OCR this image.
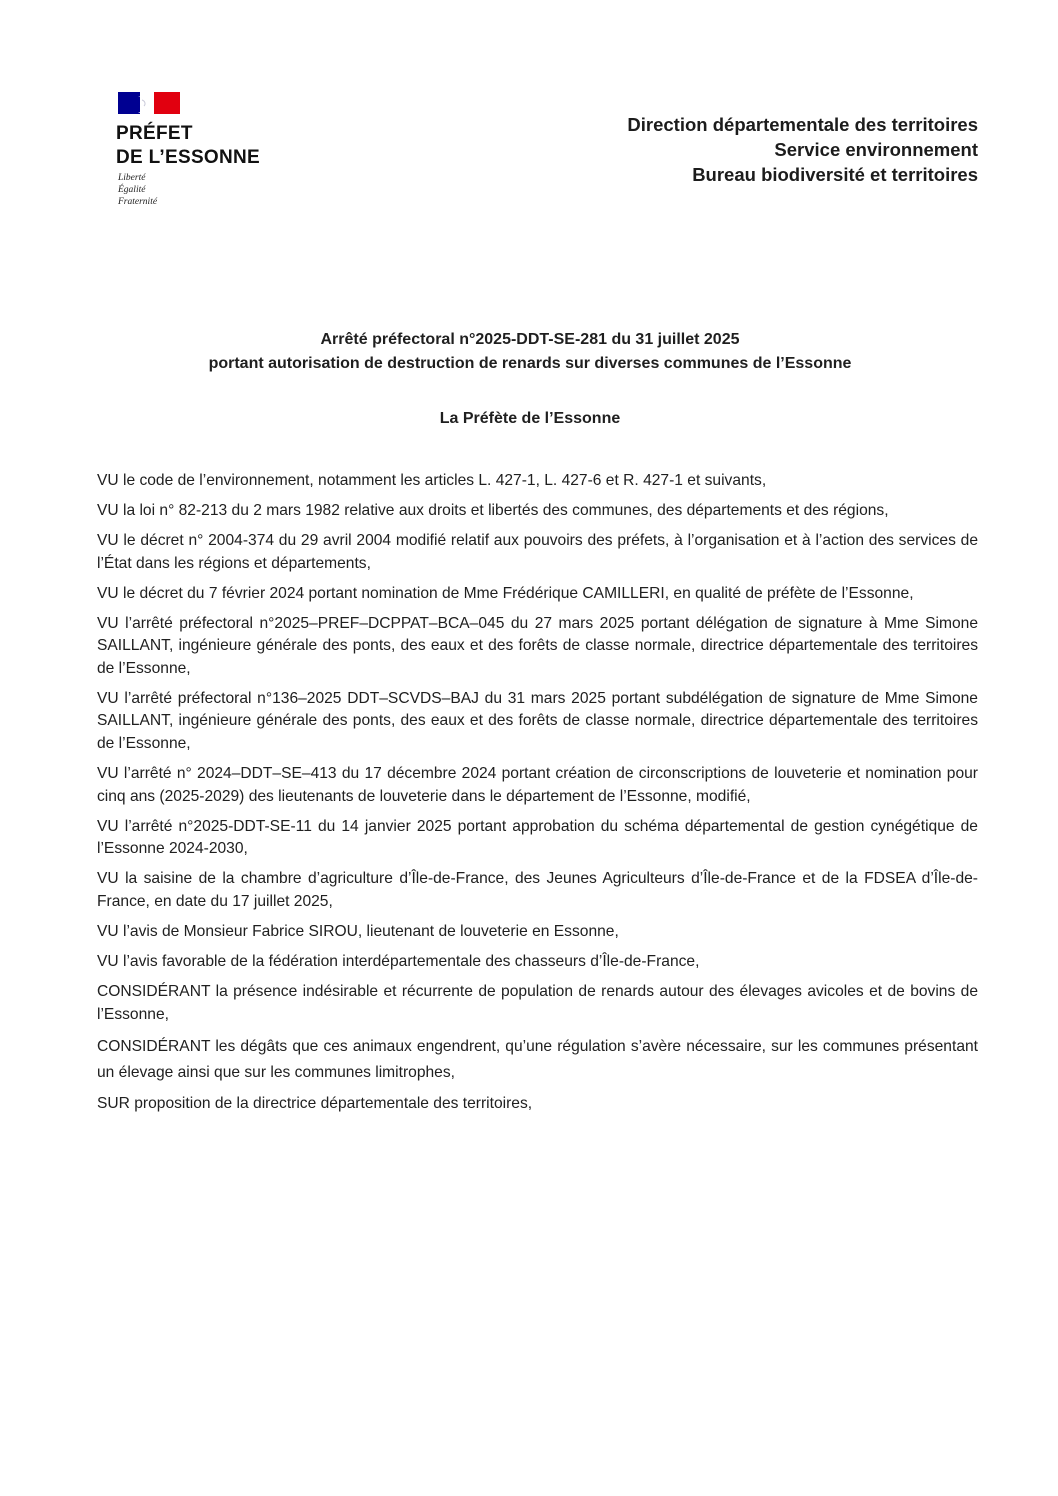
PRÉFET
DE L’ESSONNE
Liberté
Égalité
Fraternité
Direction départementale des territoires
Service environnement
Bureau biodiversité et territoires
Arrêté préfectoral n°2025-DDT-SE-281 du 31 juillet 2025
portant autorisation de destruction de renards sur diverses communes de l’Essonne
La Préfète de l’Essonne

VU le code de l’environnement, notamment les articles L. 427-1, L. 427-6 et R. 427-1 et suivants,

VU la loi n° 82-213 du 2 mars 1982 relative aux droits et libertés des communes, des départements et des régions,

VU le décret n° 2004-374 du 29 avril 2004 modifié relatif aux pouvoirs des préfets, à l’organisation et à l’action des services de l’État dans les régions et départements,

VU le décret du 7 février 2024 portant nomination de Mme Frédérique CAMILLERI, en qualité de préfète de l’Essonne,

VU l’arrêté préfectoral n°2025–PREF–DCPPAT–BCA–045 du 27 mars 2025 portant délégation de signature à Mme Simone SAILLANT, ingénieure générale des ponts, des eaux et des forêts de classe normale, directrice départementale des territoires de l’Essonne,

VU l’arrêté préfectoral n°136–2025 DDT–SCVDS–BAJ du 31 mars 2025 portant subdélégation de signature de Mme Simone SAILLANT, ingénieure générale des ponts, des eaux et des forêts de classe normale, directrice départementale des territoires de l’Essonne,

VU l’arrêté n° 2024–DDT–SE–413 du 17 décembre 2024 portant création de circonscriptions de louveterie et nomination pour cinq ans (2025-2029) des lieutenants de louveterie dans le département de l’Essonne, modifié,

VU l’arrêté n°2025-DDT-SE-11 du 14 janvier 2025 portant approbation du schéma départemental de gestion cynégétique de l’Essonne 2024-2030,

VU la saisine de la chambre d’agriculture d’Île-de-France, des Jeunes Agriculteurs d’Île-de-France et de la FDSEA d’Île-de-France, en date du 17 juillet 2025,

VU l’avis de Monsieur Fabrice SIROU, lieutenant de louveterie en Essonne,

VU l’avis favorable de la fédération interdépartementale des chasseurs d’Île-de-France,

CONSIDÉRANT la présence indésirable et récurrente de population de renards autour des élevages avicoles et de bovins de l’Essonne,

CONSIDÉRANT les dégâts que ces animaux engendrent, qu’une régulation s’avère nécessaire, sur les communes présentant un élevage ainsi que sur les communes limitrophes,

SUR proposition de la directrice départementale des territoires,
